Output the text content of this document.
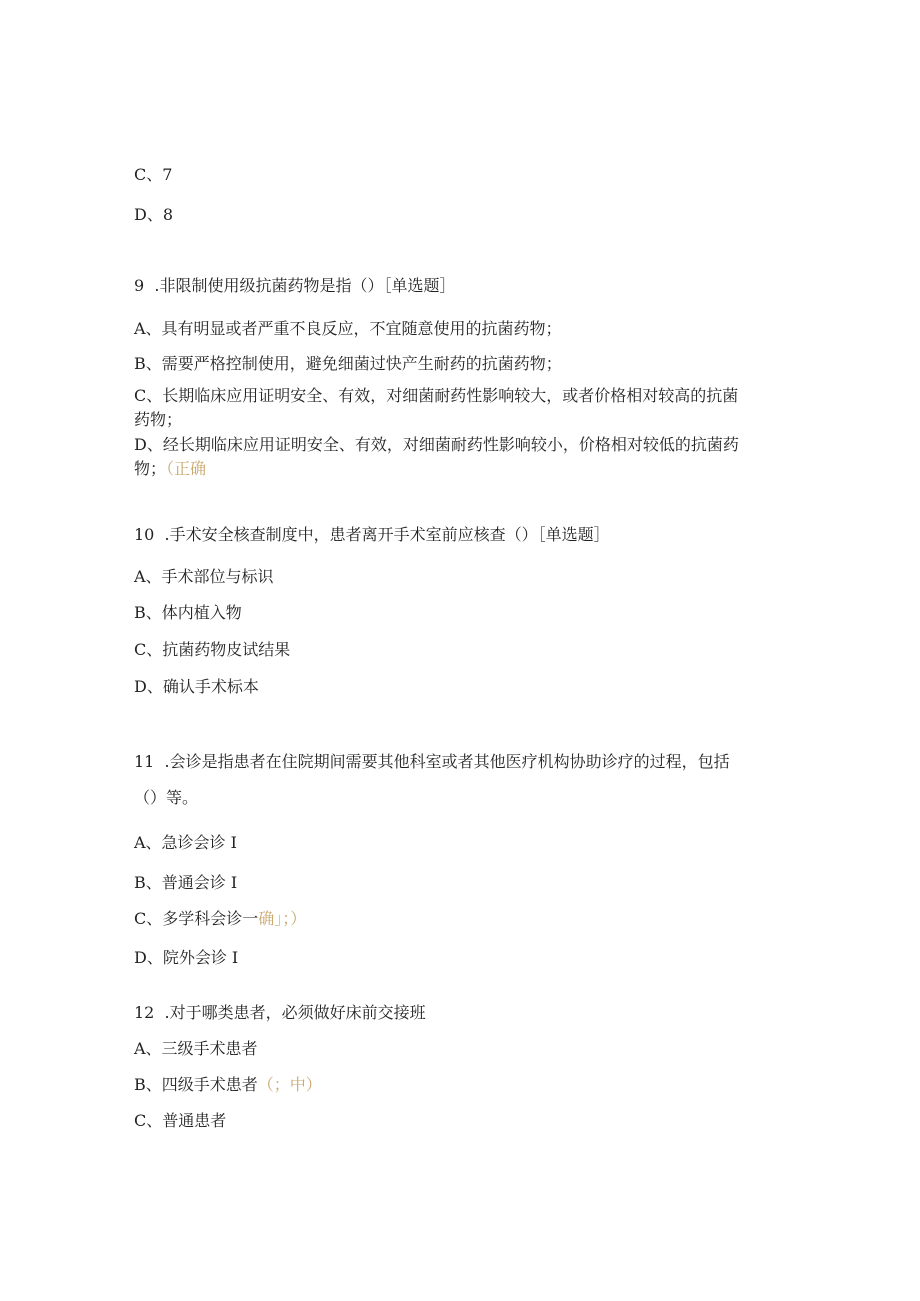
C、7
D、8
9  .非限制使用级抗菌药物是指（）［单选题］
A、具有明显或者严重不良反应，不宜随意使用的抗菌药物；
B、需要严格控制使用，避免细菌过快产生耐药的抗菌药物；
C、长期临床应用证明安全、有效，对细菌耐药性影响较大，或者价格相对较高的抗菌
药物；
D、经长期临床应用证明安全、有效，对细菌耐药性影响较小，价格相对较低的抗菌药
物；（正确
10  .手术安全核查制度中，患者离开手术室前应核查（）［单选题］
A、手术部位与标识
B、体内植入物
C、抗菌药物皮试结果
D、确认手术标本
11  .会诊是指患者在住院期间需要其他科室或者其他医疗机构协助诊疗的过程，包括
（）等。
A、急诊会诊 I
B、普通会诊 I
C、多学科会诊一确」；）
D、院外会诊 I
12  .对于哪类患者，必须做好床前交接班
A、三级手术患者
B、四级手术患者（；中）
C、普通患者
